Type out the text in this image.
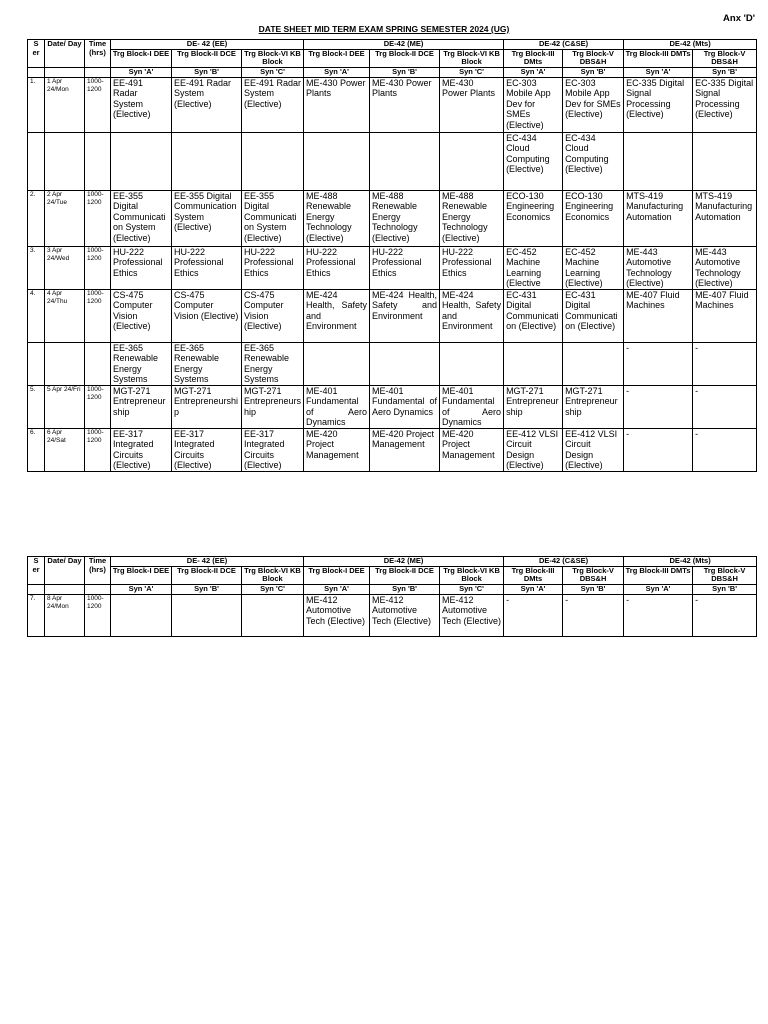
Anx 'D'
DATE SHEET MID TERM EXAM SPRING SEMESTER 2024 (UG)
S er	Date/ Day	Time (hrs)	DE- 42 (EE)			DE-42 (ME)			DE-42 (C&SE)		DE-42 (Mts)	
			Trg Block-I DEE	Trg Block-II DCE	Trg Block-VI KB Block	Trg Block-I DEE	Trg Block-II DCE	Trg Block-VI KB Block	Trg Block-III DMts	Trg Block-V DBS&H	Trg Block-III DMTs	Trg Block-V DBS&H
			Syn 'A'	Syn 'B'	Syn 'C'	Syn 'A'	Syn 'B'	Syn 'C'	Syn 'A'	Syn 'B'	Syn 'A'	Syn 'B'
1.	1 Apr 24/Mon	1000-1200	EE-491 Radar System (Elective)	EE-491 Radar System (Elective)	EE-491 Radar System (Elective)	ME-430 Power Plants	ME-430 Power Plants	ME-430 Power Plants	EC-303 Mobile App Dev for SMEs (Elective)	EC-303 Mobile App Dev for SMEs (Elective)	EC-335 Digital Signal Processing (Elective)	EC-335 Digital Signal Processing (Elective)
									EC-434 Cloud Computing (Elective)	EC-434 Cloud Computing (Elective)		
2.	2 Apr 24/Tue	1000-1200	EE-355 Digital Communication System (Elective)	EE-355 Digital Communication System (Elective)	EE-355 Digital Communication System (Elective)	ME-488 Renewable Energy Technology (Elective)	ME-488 Renewable Energy Technology (Elective)	ME-488 Renewable Energy Technology (Elective)	ECO-130 Engineering Economics	ECO-130 Engineering Economics	MTS-419 Manufacturing Automation	MTS-419 Manufacturing Automation
3.	3 Apr 24/Wed	1000-1200	HU-222 Professional Ethics	HU-222 Professional Ethics	HU-222 Professional Ethics	HU-222 Professional Ethics	HU-222 Professional Ethics	HU-222 Professional Ethics	EC-452 Machine Learning (Elective	EC-452 Machine Learning (Elective)	ME-443 Automotive Technology (Elective)	ME-443 Automotive Technology (Elective)
4.	4 Apr 24/Thu	1000-1200	CS-475 Computer Vision (Elective)	CS-475 Computer Vision (Elective)	CS-475 Computer Vision (Elective)	ME-424 Health, Safety and Environment	ME-424 Health, Safety and Environment	ME-424 Health, Safety and Environment	EC-431 Digital Communication (Elective)	EC-431 Digital Communication (Elective)	ME-407 Fluid Machines	ME-407 Fluid Machines
			EE-365 Renewable Energy Systems	EE-365 Renewable Energy Systems	EE-365 Renewable Energy Systems						-	-
5.	5 Apr 24/Fri	1000-1200	MGT-271 Entrepreneurship	MGT-271 Entrepreneurship	MGT-271 Entrepreneurship	ME-401 Fundamental of Aero Dynamics	ME-401 Fundamental of Aero Dynamics	ME-401 Fundamental of Aero Dynamics	MGT-271 Entrepreneurship	MGT-271 Entrepreneurship	-	-
6.	6 Apr 24/Sat	1000-1200	EE-317 Integrated Circuits (Elective)	EE-317 Integrated Circuits (Elective)	EE-317 Integrated Circuits (Elective)	ME-420 Project Management	ME-420 Project Management	ME-420 Project Management	EE-412 VLSI Circuit Design (Elective)	EE-412 VLSI Circuit Design (Elective)	-	-
S er	Date/ Day	Time (hrs)	DE- 42 (EE)			DE-42 (ME)			DE-42 (C&SE)		DE-42 (Mts)	
			Trg Block-I DEE	Trg Block-II DCE	Trg Block-VI KB Block	Trg Block-I DEE	Trg Block-II DCE	Trg Block-VI KB Block	Trg Block-III DMts	Trg Block-V DBS&H	Trg Block-III DMTs	Trg Block-V DBS&H
			Syn 'A'	Syn 'B'	Syn 'C'	Syn 'A'	Syn 'B'	Syn 'C'	Syn 'A'	Syn 'B'	Syn 'A'	Syn 'B'
7.	8 Apr 24/Mon	1000-1200				ME-412 Automotive Tech (Elective)	ME-412 Automotive Tech (Elective)	ME-412 Automotive Tech (Elective)	-	-	-	-
